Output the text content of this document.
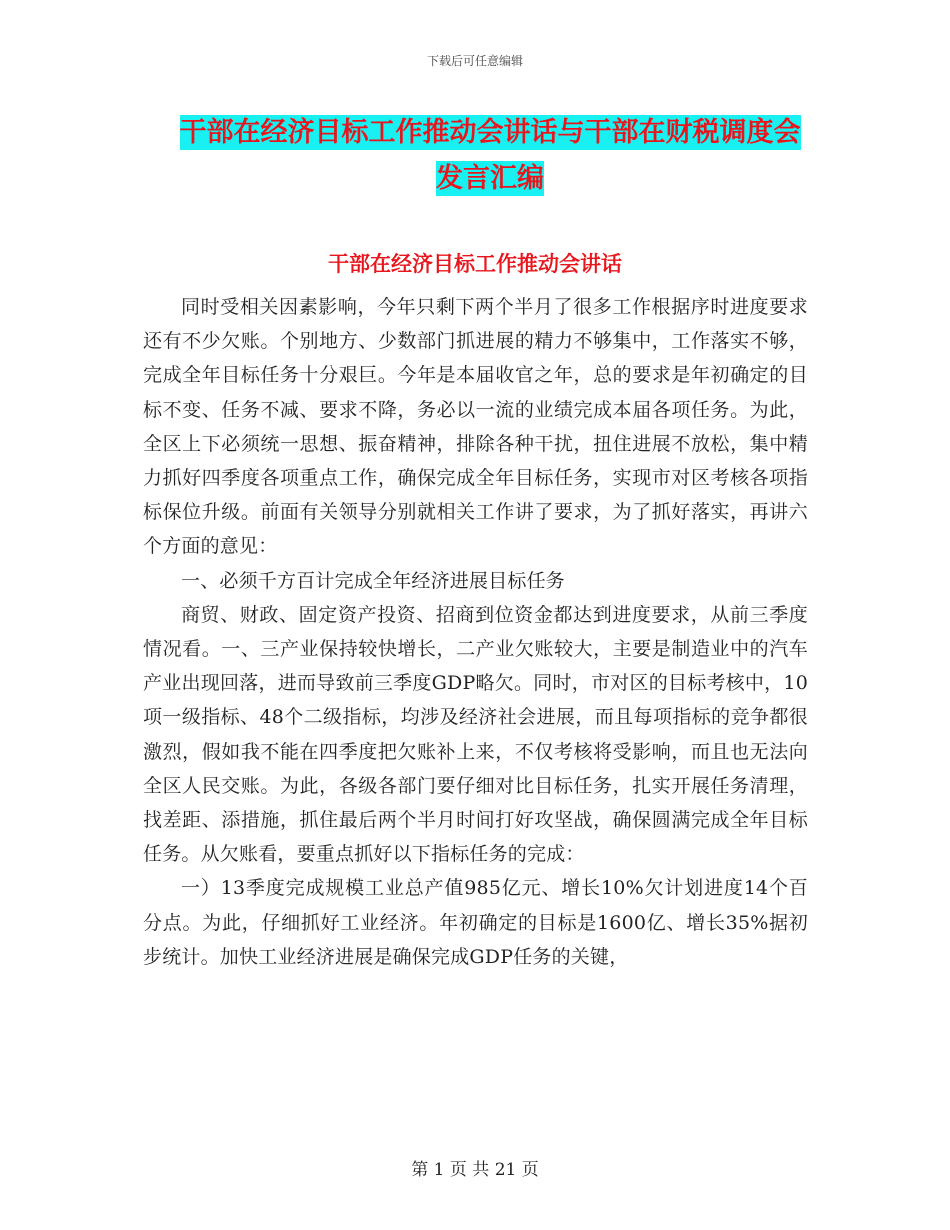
下载后可任意编辑
干部在经济目标工作推动会讲话与干部在财税调度会
发言汇编
干部在经济目标工作推动会讲话

同时受相关因素影响，今年只剩下两个半月了很多工作根据序时进度要求还有不少欠账。个别地方、少数部门抓进展的精力不够集中，工作落实不够，完成全年目标任务十分艰巨。今年是本届收官之年，总的要求是年初确定的目标不变、任务不减、要求不降，务必以一流的业绩完成本届各项任务。为此，全区上下必须统一思想、振奋精神，排除各种干扰，扭住进展不放松，集中精力抓好四季度各项重点工作，确保完成全年目标任务，实现市对区考核各项指标保位升级。前面有关领导分别就相关工作讲了要求，为了抓好落实，再讲六个方面的意见：

一、必须千方百计完成全年经济进展目标任务

商贸、财政、固定资产投资、招商到位资金都达到进度要求，从前三季度情况看。一、三产业保持较快增长，二产业欠账较大，主要是制造业中的汽车产业出现回落，进而导致前三季度GDP略欠。同时，市对区的目标考核中，10项一级指标、48个二级指标，均涉及经济社会进展，而且每项指标的竞争都很激烈，假如我不能在四季度把欠账补上来，不仅考核将受影响，而且也无法向全区人民交账。为此，各级各部门要仔细对比目标任务，扎实开展任务清理，找差距、添措施，抓住最后两个半月时间打好攻坚战，确保圆满完成全年目标任务。从欠账看，要重点抓好以下指标任务的完成：

一）13季度完成规模工业总产值985亿元、增长10%欠计划进度14个百分点。为此，仔细抓好工业经济。年初确定的目标是1600亿、增长35%据初步统计。加快工业经济进展是确保完成GDP任务的关键，

第 1 页 共 21 页
